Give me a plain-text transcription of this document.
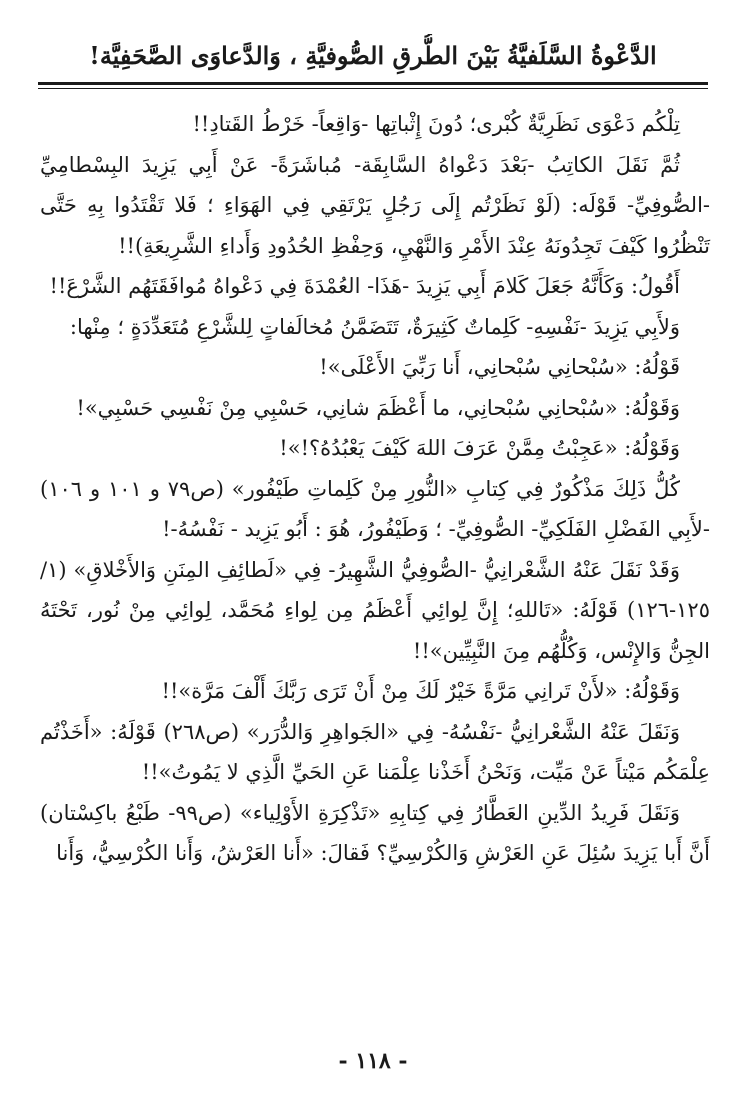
الدَّعْوةُ السَّلَفيَّةُ بَيْنَ الطُّرقِ الصُّوفيَّةِ ، وَالدَّعاوَى الصَّحَفِيَّة!

تِلْكُم دَعْوَى نَظَرِيَّةٌ كُبْرى؛ دُونَ إِثْباتِها -وَاقِعاً- خَرْطُ القَتادِ!!

ثُمَّ نَقَلَ الكاتِبُ -بَعْدَ دَعْواهُ السَّابِقَة- مُباشَرَةً- عَنْ أَبِي يَزِيدَ البِسْطامِيِّ -الصُّوفِيِّ- قَوْلَه: (لَوْ نَظَرْتُم إِلَى رَجُلٍ يَرْتَقِي فِي الهَوَاءِ ؛ فَلا تَقْتَدُوا بِهِ حَتَّى تَنْظُرُوا كَيْفَ تَجِدُونَهُ عِنْدَ الأَمْرِ وَالنَّهْيِ، وَحِفْظِ الحُدُودِ وَأَداءِ الشَّرِيعَةِ)!!

أَقُولُ: وَكَأَنَّهُ جَعَلَ كَلامَ أَبِي يَزِيدَ -هَذَا- العُمْدَةَ فِي دَعْواهُ مُوافَقَتَهُم الشَّرْعَ!!

وَلأَبِي يَزِيدَ -نَفْسِهِ- كَلِماتٌ كَثِيرَةٌ، تَتَضَمَّنُ مُخالَفاتٍ لِلشَّرْعِ مُتَعَدِّدَةٍ ؛ مِنْها:

قَوْلُهُ: «سُبْحانِي سُبْحانِي، أَنا رَبِّيَ الأَعْلَى»!

وَقَوْلُهُ: «سُبْحانِي سُبْحانِي، ما أَعْظَمَ شانِي، حَسْبِي مِنْ نَفْسِي حَسْبِي»!

وَقَوْلُهُ: «عَجِبْتُ مِمَّنْ عَرَفَ اللهَ كَيْفَ يَعْبُدُهُ؟!»!

كُلُّ ذَلِكَ مَذْكُورٌ فِي كِتابِ «النُّورِ مِنْ كَلِماتِ طَيْفُور» (ص٧٩ و ١٠١ و ١٠٦) -لأَبِي الفَضْلِ الفَلَكِيِّ- الصُّوفِيِّ- ؛ وَطَيْفُورُ، هُوَ : أَبُو يَزِيد - نَفْسُهُ-!

وَقَدْ نَقَلَ عَنْهُ الشَّعْرانِيُّ -الصُّوفِيُّ الشَّهِيرُ- فِي «لَطائِفِ المِنَنِ وَالأَخْلاقِ» (١/ ١٢٥-١٢٦) قَوْلَهُ: «تَاللهِ؛ إِنَّ لِوائِي أَعْظَمُ مِن لِواءِ مُحَمَّد، لِوائِي مِنْ نُور، تَحْتَهُ الجِنُّ وَالإِنْس، وَكُلُّهُم مِنَ النَّبِيِّين»!!

وَقَوْلُهُ: «لأَنْ تَرانِي مَرَّةً خَيْرٌ لَكَ مِنْ أَنْ تَرَى رَبَّكَ أَلْفَ مَرَّة»!!

وَنَقَلَ عَنْهُ الشَّعْرانِيُّ -نَفْسُهُ- فِي «الجَواهِرِ وَالدُّرَر» (ص٢٦٨) قَوْلَهُ: «أَخَذْتُم عِلْمَكُم مَيْتاً عَنْ مَيِّت، وَنَحْنُ أَخَذْنا عِلْمَنا عَنِ الحَيِّ الَّذِي لا يَمُوتُ»!!

وَنَقَلَ فَرِيدُ الدِّينِ العَطَّارُ فِي كِتابِهِ «تَذْكِرَةِ الأَوْلِياء» (ص٩٩- طَبْعُ باكِسْتان) أَنَّ أَبا يَزِيدَ سُئِلَ عَنِ العَرْشِ وَالكُرْسِيِّ؟ فَقالَ: «أَنا العَرْشُ، وَأَنا الكُرْسِيُّ، وَأَنا

- ١١٨ -
